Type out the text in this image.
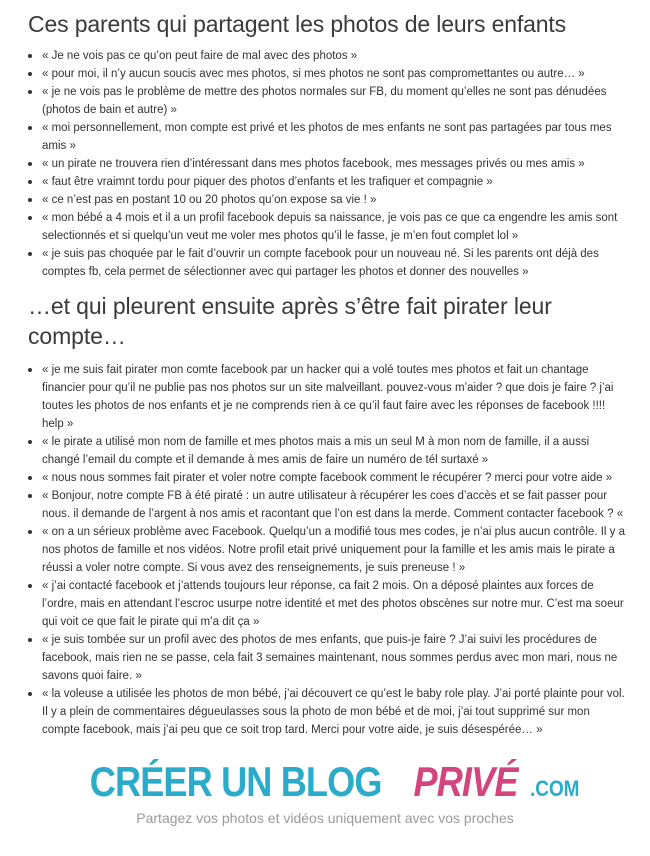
Ces parents qui partagent les photos de leurs enfants
« Je ne vois pas ce qu’on peut faire de mal avec des photos »
« pour moi, il n’y aucun soucis avec mes photos, si mes photos ne sont pas compromettantes ou autre… »
« je ne vois pas le problème de mettre des photos normales sur FB, du moment qu’elles ne sont pas dénudées (photos de bain et autre) »
« moi personnellement, mon compte est privé et les photos de mes enfants ne sont pas partagées par tous mes amis »
« un pirate ne trouvera rien d’intéressant dans mes photos facebook, mes messages privés ou mes amis »
« faut être vraimnt tordu pour piquer des photos d’enfants et les trafiquer et compagnie »
« ce n’est pas en postant 10 ou 20 photos qu’on expose sa vie ! »
« mon bébé a 4 mois et il a un profil facebook depuis sa naissance, je vois pas ce que ca engendre les amis sont selectionnés et si quelqu’un veut me voler mes photos qu’il le fasse, je m’en fout complet lol »
« je suis pas choquée par le fait d’ouvrir un compte facebook pour un nouveau né. Si les parents ont déjà des comptes fb, cela permet de sélectionner avec qui partager les photos et donner des nouvelles »
…et qui pleurent ensuite après s’être fait pirater leur compte…
« je me suis fait pirater mon comte facebook par un hacker qui a volé toutes mes photos et fait un chantage financier pour qu’il ne publie pas nos photos sur un site malveillant. pouvez-vous m’aider ? que dois je faire ? j’ai toutes les photos de nos enfants et je ne comprends rien à ce qu’il faut faire avec les réponses de facebook !!!! help »
« le pirate a utilisé mon nom de famille et mes photos mais a mis un seul M à mon nom de famille, il a aussi changé l’email du compte et il demande à mes amis de faire un numéro de tél surtaxé »
« nous nous sommes fait pirater et voler notre compte facebook comment le récupérer ? merci pour votre aide »
« Bonjour, notre compte FB à été piraté : un autre utilisateur à récupérer les coes d’accès et se fait passer pour nous. il demande de l’argent à nos amis et racontant que l’on est dans la merde. Comment contacter facebook ? «
« on a un sérieux problème avec Facebook. Quelqu’un a modifié tous mes codes, je n’ai plus aucun contrôle. Il y a nos photos de famille et nos vidéos. Notre profil etait privé uniquement pour la famille et les amis mais le pirate a réussi a voler notre compte. Si vous avez des renseignements, je suis preneuse ! »
« j’ai contacté facebook et j’attends toujours leur réponse, ca fait 2 mois. On a déposé plaintes aux forces de l’ordre, mais en attendant l’escroc usurpe notre identité et met des photos obscènes sur notre mur. C’est ma soeur qui voit ce que fait le pirate qui m’a dit ça »
« je suis tombée sur un profil avec des photos de mes enfants, que puis-je faire ? J’ai suivi les procédures de facebook, mais rien ne se passe, cela fait 3 semaines maintenant, nous sommes perdus avec mon mari, nous ne savons quoi faire. »
« la voleuse a utilisée les photos de mon bébé, j’ai découvert ce qu’est le baby role play. J’ai porté plainte pour vol. Il y a plein de commentaires dégueulasses sous la photo de mon bébé et de moi, j’ai tout supprimé sur mon compte facebook, mais j’ai peu que ce soit trop tard. Merci pour votre aide, je suis désespérée… »
CRÉER UN BLOG PRIVÉ .COM
Partagez vos photos et vidéos uniquement avec vos proches
